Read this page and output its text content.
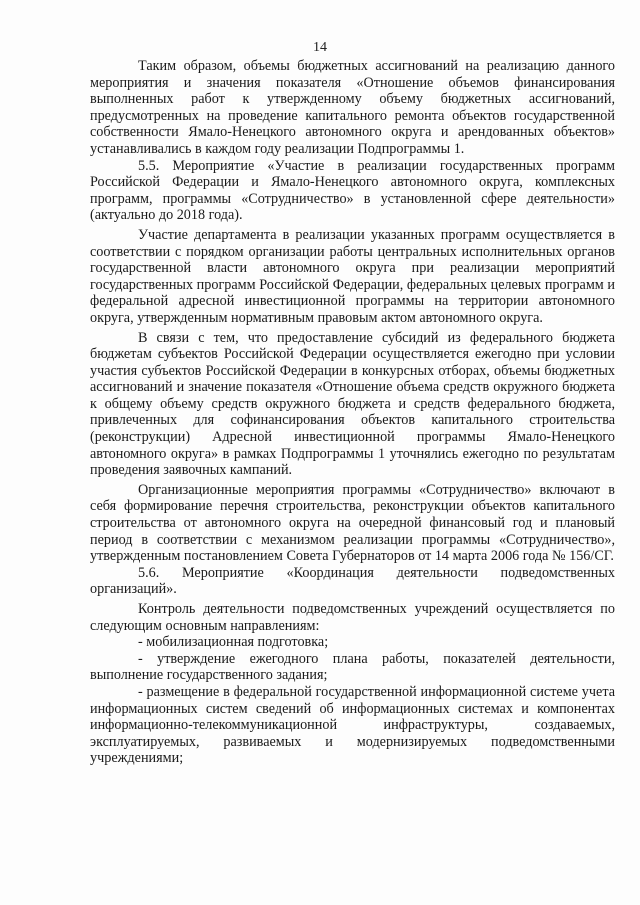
14

Таким образом, объемы бюджетных ассигнований на реализацию данного мероприятия и значения показателя «Отношение объемов финансирования выполненных работ к утвержденному объему бюджетных ассигнований, предусмотренных на проведение капитального ремонта объектов государственной собственности Ямало-Ненецкого автономного округа и арендованных объектов» устанавливались в каждом году реализации Подпрограммы 1.

5.5. Мероприятие «Участие в реализации государственных программ Российской Федерации и Ямало-Ненецкого автономного округа, комплексных программ, программы «Сотрудничество» в установленной сфере деятельности» (актуально до 2018 года).

Участие департамента в реализации указанных программ осуществляется в соответствии с порядком организации работы центральных исполнительных органов государственной власти автономного округа при реализации мероприятий государственных программ Российской Федерации, федеральных целевых программ и федеральной адресной инвестиционной программы на территории автономного округа, утвержденным нормативным правовым актом автономного округа.

В связи с тем, что предоставление субсидий из федерального бюджета бюджетам субъектов Российской Федерации осуществляется ежегодно при условии участия субъектов Российской Федерации в конкурсных отборах, объемы бюджетных ассигнований и значение показателя «Отношение объема средств окружного бюджета к общему объему средств окружного бюджета и средств федерального бюджета, привлеченных для софинансирования объектов капитального строительства (реконструкции) Адресной инвестиционной программы Ямало-Ненецкого автономного округа» в рамках Подпрограммы 1 уточнялись ежегодно по результатам проведения заявочных кампаний.

Организационные мероприятия программы «Сотрудничество» включают в себя формирование перечня строительства, реконструкции объектов капитального строительства от автономного округа на очередной финансовый год и плановый период в соответствии с механизмом реализации программы «Сотрудничество», утвержденным постановлением Совета Губернаторов от 14 марта 2006 года № 156/СГ.

5.6. Мероприятие «Координация деятельности подведомственных организаций».

Контроль деятельности подведомственных учреждений осуществляется по следующим основным направлениям:

- мобилизационная подготовка;

- утверждение ежегодного плана работы, показателей деятельности, выполнение государственного задания;

- размещение в федеральной государственной информационной системе учета информационных систем сведений об информационных системах и компонентах информационно-телекоммуникационной инфраструктуры, создаваемых, эксплуатируемых, развиваемых и модернизируемых подведомственными учреждениями;
